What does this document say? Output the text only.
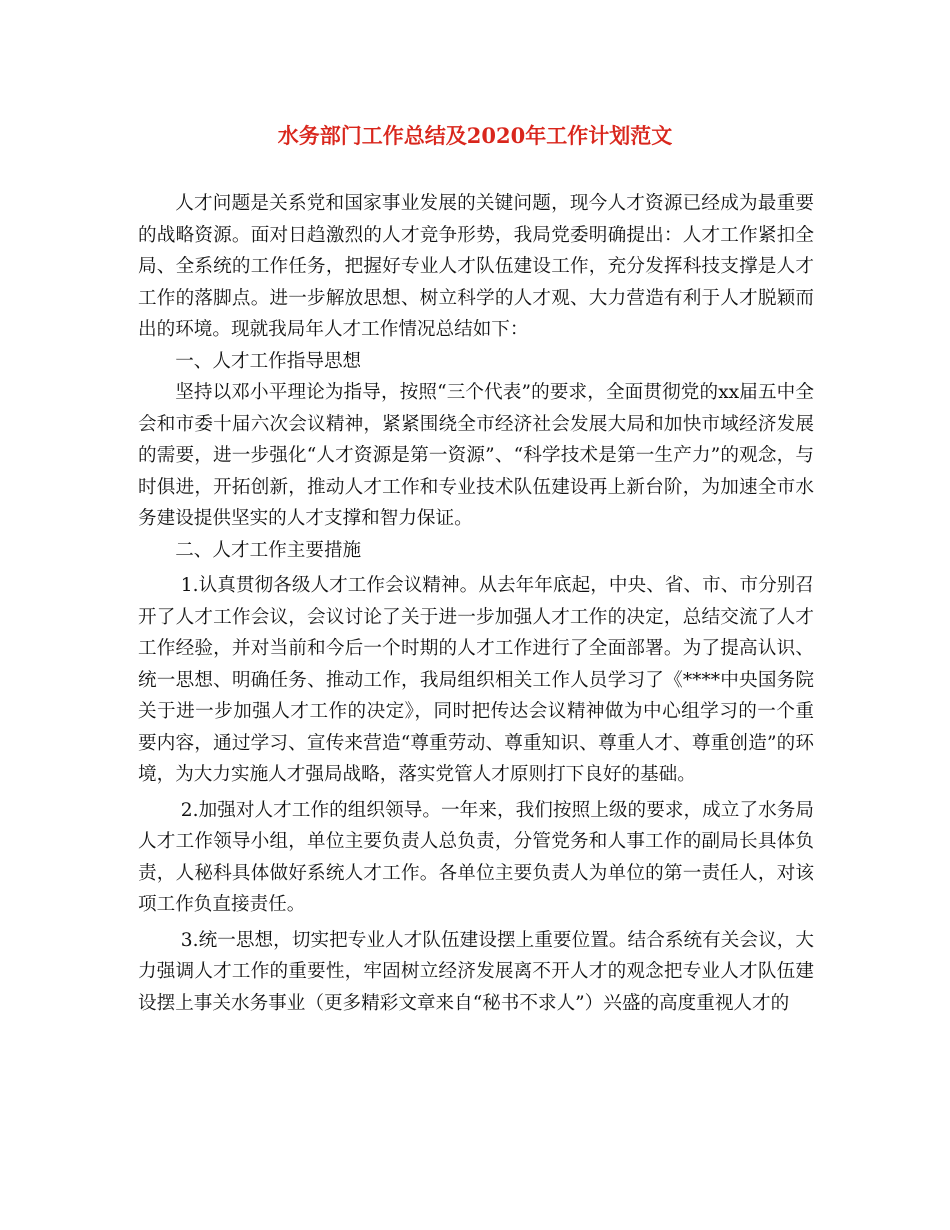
水务部门工作总结及2020年工作计划范文

人才问题是关系党和国家事业发展的关键问题，现今人才资源已经成为最重要的战略资源。面对日趋激烈的人才竞争形势，我局党委明确提出：人才工作紧扣全局、全系统的工作任务，把握好专业人才队伍建设工作，充分发挥科技支撑是人才工作的落脚点。进一步解放思想、树立科学的人才观、大力营造有利于人才脱颖而出的环境。现就我局年人才工作情况总结如下：

一、人才工作指导思想

坚持以邓小平理论为指导，按照“三个代表”的要求，全面贯彻党的xx届五中全会和市委十届六次会议精神，紧紧围绕全市经济社会发展大局和加快市域经济发展的需要，进一步强化“人才资源是第一资源”、“科学技术是第一生产力”的观念，与时俱进，开拓创新，推动人才工作和专业技术队伍建设再上新台阶，为加速全市水务建设提供坚实的人才支撑和智力保证。

二、人才工作主要措施

1.认真贯彻各级人才工作会议精神。从去年年底起，中央、省、市、市分别召开了人才工作会议，会议讨论了关于进一步加强人才工作的决定，总结交流了人才工作经验，并对当前和今后一个时期的人才工作进行了全面部署。为了提高认识、统一思想、明确任务、推动工作，我局组织相关工作人员学习了《****中央国务院关于进一步加强人才工作的决定》，同时把传达会议精神做为中心组学习的一个重要内容，通过学习、宣传来营造“尊重劳动、尊重知识、尊重人才、尊重创造”的环境，为大力实施人才强局战略，落实党管人才原则打下良好的基础。

2.加强对人才工作的组织领导。一年来，我们按照上级的要求，成立了水务局人才工作领导小组，单位主要负责人总负责，分管党务和人事工作的副局长具体负责，人秘科具体做好系统人才工作。各单位主要负责人为单位的第一责任人，对该项工作负直接责任。

3.统一思想，切实把专业人才队伍建设摆上重要位置。结合系统有关会议，大力强调人才工作的重要性，牢固树立经济发展离不开人才的观念把专业人才队伍建设摆上事关水务事业（更多精彩文章来自“秘书不求人”）兴盛的高度重视人才的
